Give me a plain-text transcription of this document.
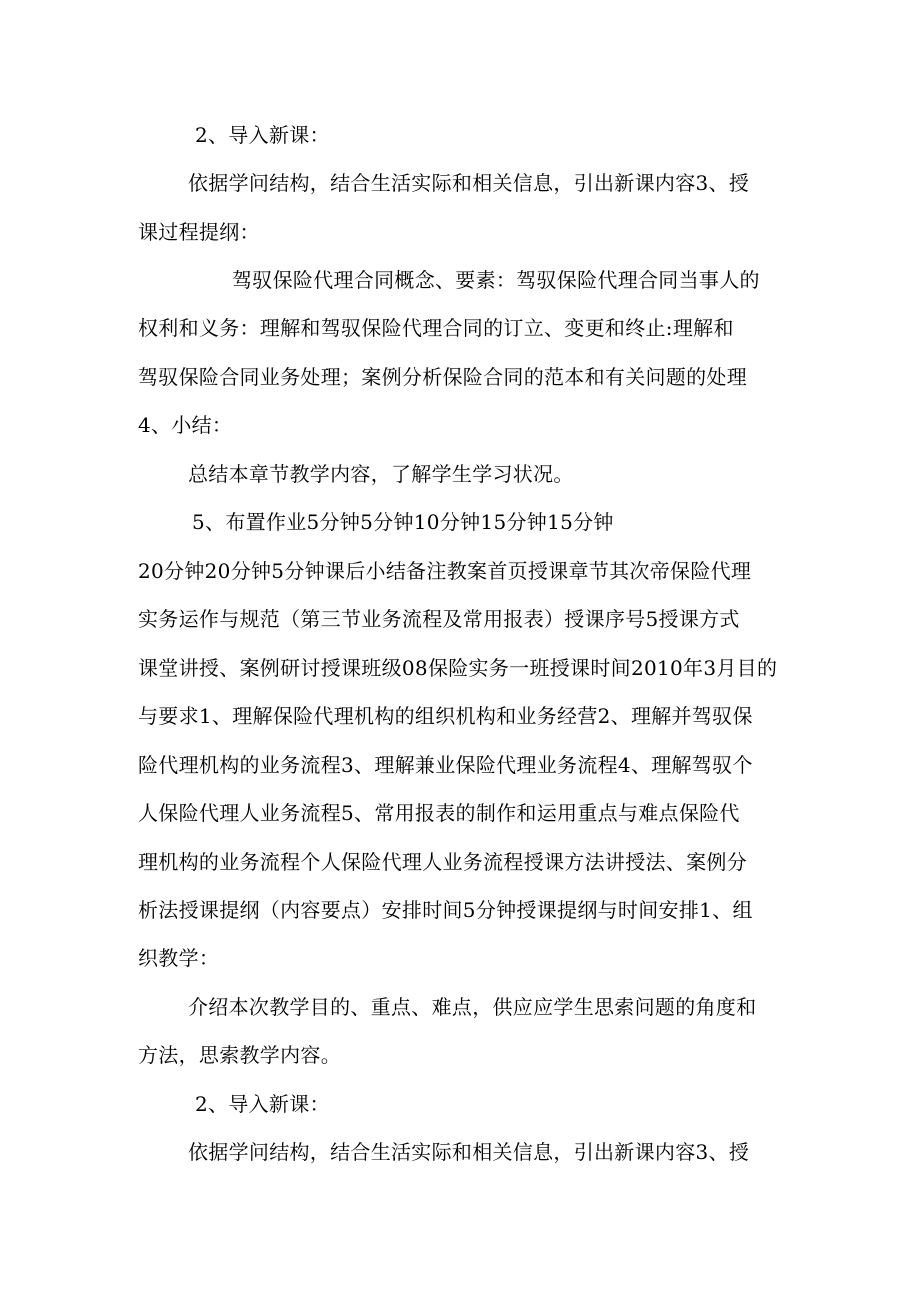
2、导入新课：
依据学问结构，结合生活实际和相关信息，引出新课内容3、授
课过程提纲：
驾驭保险代理合同概念、要素：驾驭保险代理合同当事人的
权利和义务：理解和驾驭保险代理合同的订立、变更和终止:理解和
驾驭保险合同业务处理；案例分析保险合同的范本和有关问题的处理
4、小结：
总结本章节教学内容，了解学生学习状况。
5、布置作业5分钟5分钟10分钟15分钟15分钟
20分钟20分钟5分钟课后小结备注教案首页授课章节其次帝保险代理
实务运作与规范（第三节业务流程及常用报表）授课序号5授课方式
课堂讲授、案例研讨授课班级08保险实务一班授课时间2010年3月目的
与要求1、理解保险代理机构的组织机构和业务经营2、理解并驾驭保
险代理机构的业务流程3、理解兼业保险代理业务流程4、理解驾驭个
人保险代理人业务流程5、常用报表的制作和运用重点与难点保险代
理机构的业务流程个人保险代理人业务流程授课方法讲授法、案例分
析法授课提纲（内容要点）安排时间5分钟授课提纲与时间安排1、组
织教学：
介绍本次教学目的、重点、难点，供应应学生思索问题的角度和
方法，思索教学内容。
2、导入新课：
依据学问结构，结合生活实际和相关信息，引出新课内容3、授
